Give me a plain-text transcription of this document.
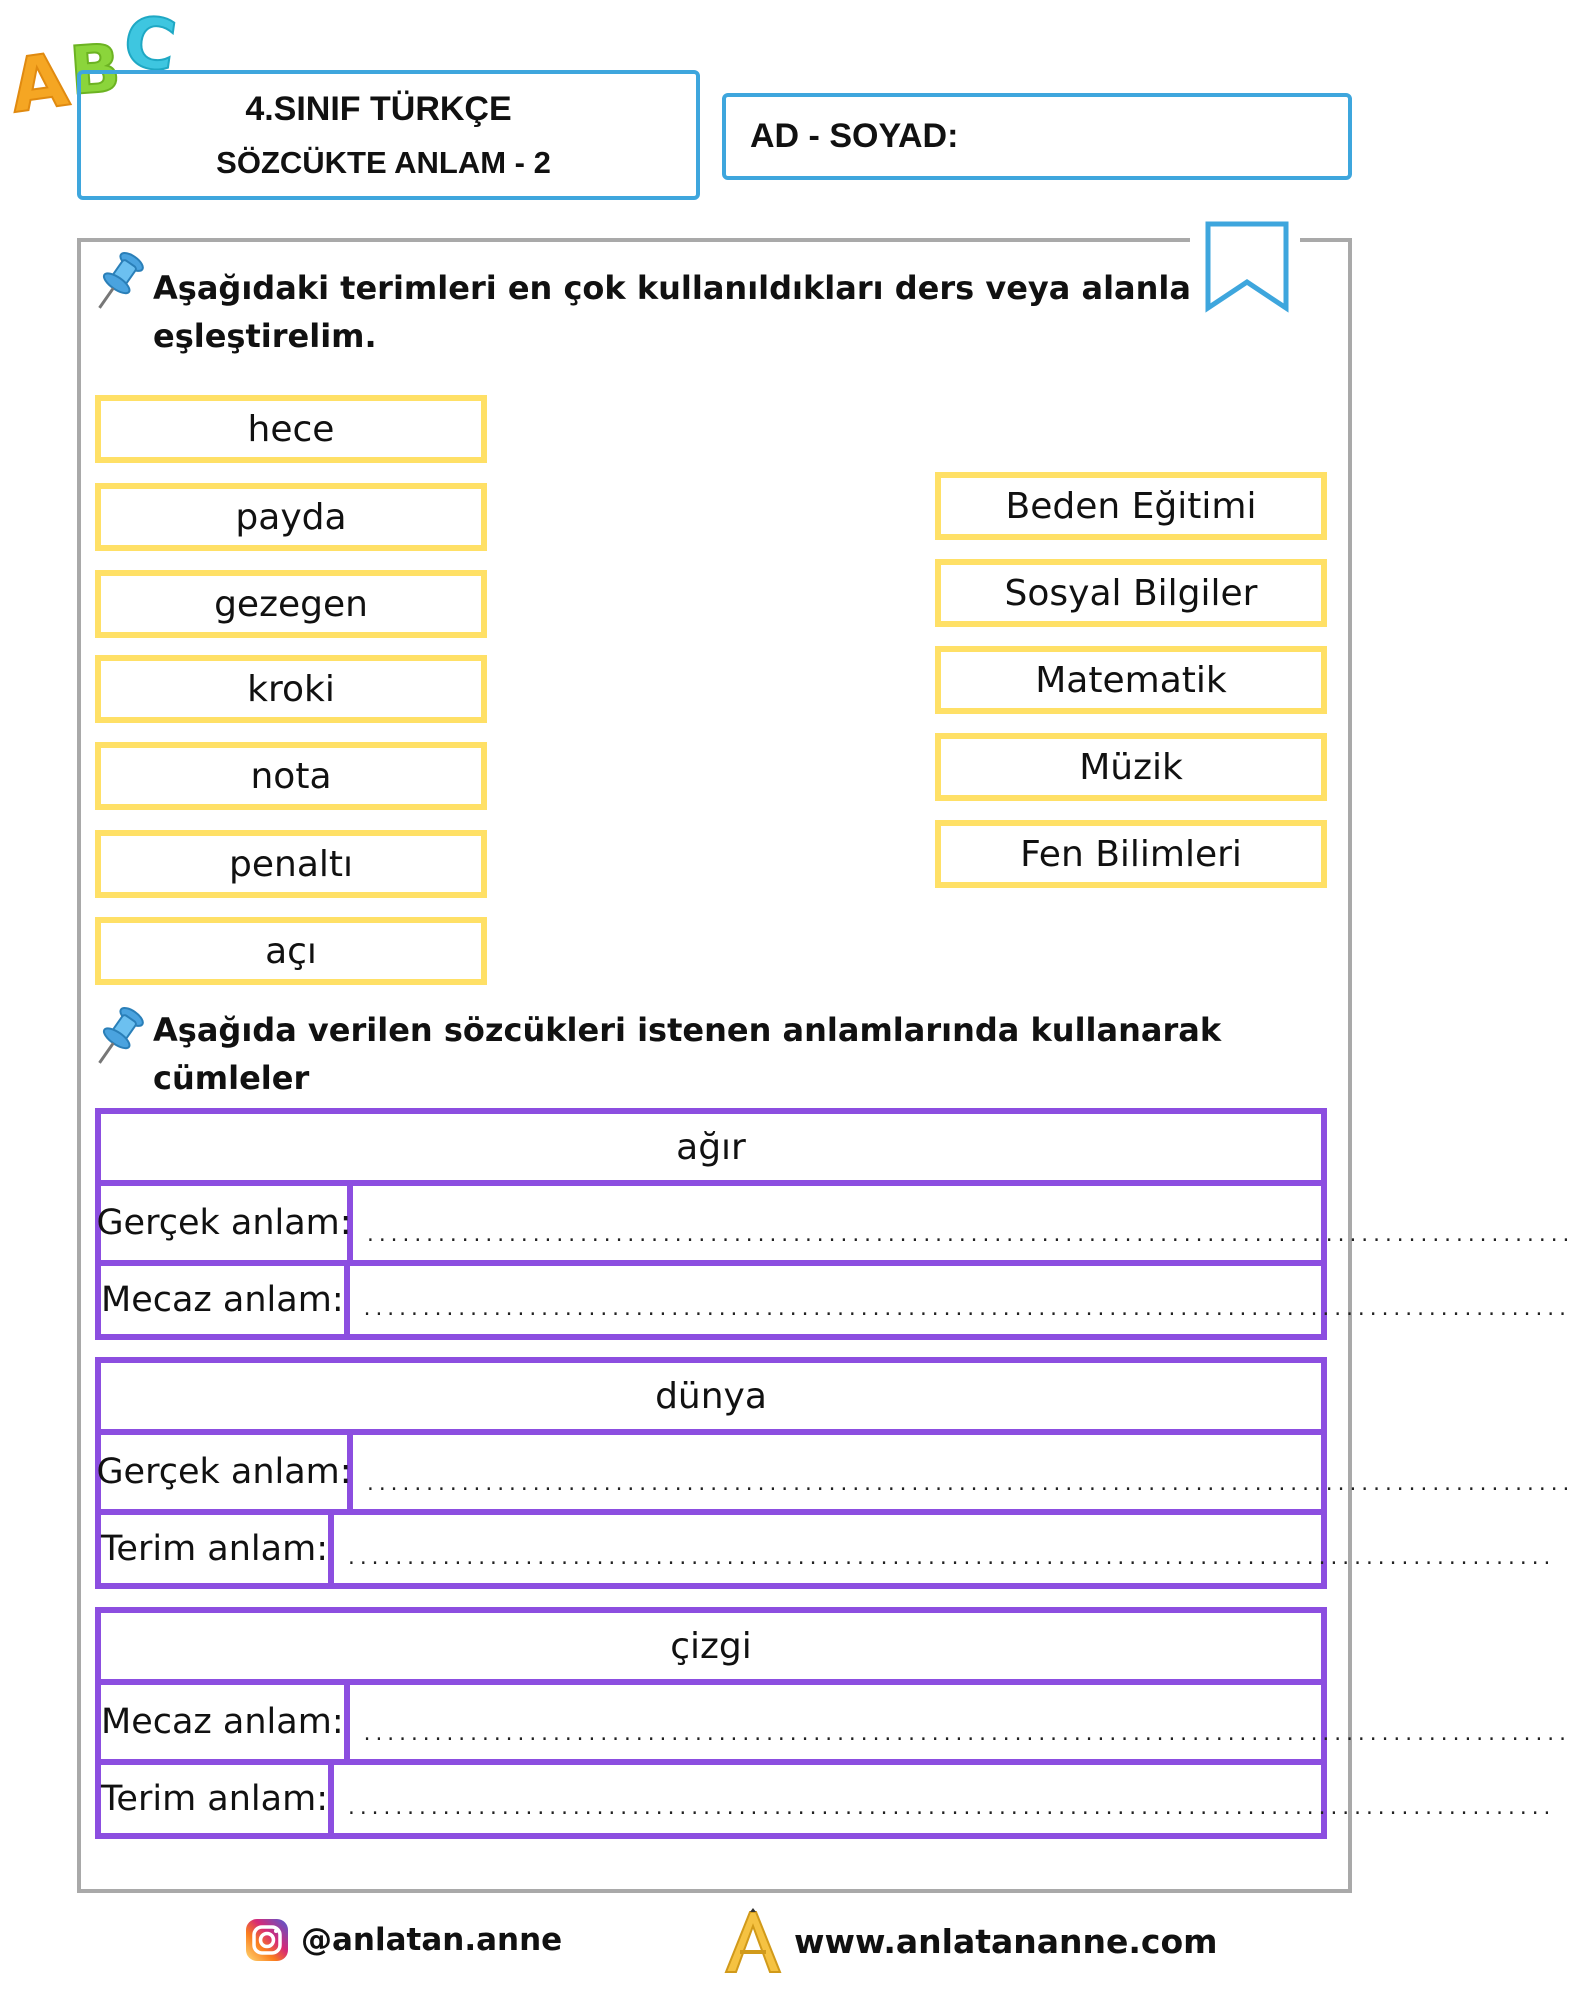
A
B
C
4.SINIF TÜRKÇE
SÖZCÜKTE ANLAM - 2
AD - SOYAD:
Aşağıdaki terimleri en çok kullanıldıkları ders veya alanla
eşleştirelim.
hece
payda
gezegen
kroki
nota
penaltı
açı
Beden Eğitimi
Sosyal Bilgiler
Matematik
Müzik
Fen Bilimleri
Aşağıda verilen sözcükleri istenen anlamlarında kullanarak cümleler
ağır
Gerçek anlam: ......................................................................................................
Mecaz anlam:	......................................................................................................
dünya
Gerçek anlam: ......................................................................................................
Terim anlam:	......................................................................................................
çizgi
Mecaz anlam:	......................................................................................................
Terim anlam:	......................................................................................................
@anlatan.anne	www.anlatananne.com
